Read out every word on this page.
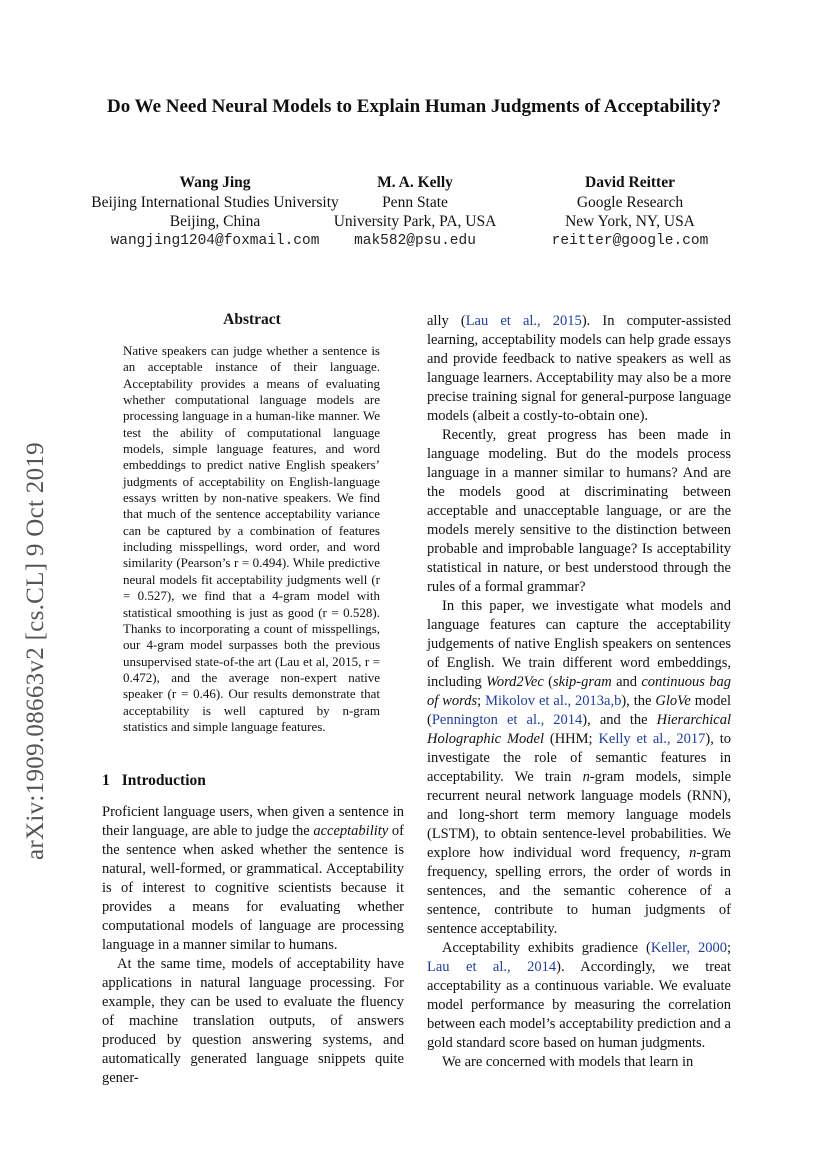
Do We Need Neural Models to Explain Human Judgments of Acceptability?
Wang Jing
Beijing International Studies University
Beijing, China
wangjing1204@foxmail.com
M. A. Kelly
Penn State
University Park, PA, USA
mak582@psu.edu
David Reitter
Google Research
New York, NY, USA
reitter@google.com
arXiv:1909.08663v2 [cs.CL] 9 Oct 2019
Abstract
Native speakers can judge whether a sentence is an acceptable instance of their language. Acceptability provides a means of evaluating whether computational language models are processing language in a human-like manner. We test the ability of computational language models, simple language features, and word embeddings to predict native English speakers’ judgments of acceptability on English-language essays written by non-native speakers. We find that much of the sentence acceptability variance can be captured by a combination of features including misspellings, word order, and word similarity (Pearson’s r = 0.494). While predictive neural models fit acceptability judgments well (r = 0.527), we find that a 4-gram model with statistical smoothing is just as good (r = 0.528). Thanks to incorporating a count of misspellings, our 4-gram model surpasses both the previous unsupervised state-of-the art (Lau et al, 2015, r = 0.472), and the average non-expert native speaker (r = 0.46). Our results demonstrate that acceptability is well captured by n-gram statistics and simple language features.
1 Introduction

Proficient language users, when given a sentence in their language, are able to judge the acceptability of the sentence when asked whether the sentence is natural, well-formed, or grammatical. Acceptability is of interest to cognitive scientists because it provides a means for evaluating whether computational models of language are processing language in a manner similar to humans.

At the same time, models of acceptability have applications in natural language processing. For example, they can be used to evaluate the fluency of machine translation outputs, of answers produced by question answering systems, and automatically generated language snippets quite gener-

ally (Lau et al., 2015). In computer-assisted learning, acceptability models can help grade essays and provide feedback to native speakers as well as language learners. Acceptability may also be a more precise training signal for general-purpose language models (albeit a costly-to-obtain one).

Recently, great progress has been made in language modeling. But do the models process language in a manner similar to humans? And are the models good at discriminating between acceptable and unacceptable language, or are the models merely sensitive to the distinction between probable and improbable language? Is acceptability statistical in nature, or best understood through the rules of a formal grammar?

In this paper, we investigate what models and language features can capture the acceptability judgements of native English speakers on sentences of English. We train different word embeddings, including Word2Vec (skip-gram and continuous bag of words; Mikolov et al., 2013a,b), the GloVe model (Pennington et al., 2014), and the Hierarchical Holographic Model (HHM; Kelly et al., 2017), to investigate the role of semantic features in acceptability. We train n-gram models, simple recurrent neural network language models (RNN), and long-short term memory language models (LSTM), to obtain sentence-level probabilities. We explore how individual word frequency, n-gram frequency, spelling errors, the order of words in sentences, and the semantic coherence of a sentence, contribute to human judgments of sentence acceptability.

Acceptability exhibits gradience (Keller, 2000; Lau et al., 2014). Accordingly, we treat acceptability as a continuous variable. We evaluate model performance by measuring the correlation between each model’s acceptability prediction and a gold standard score based on human judgments.

We are concerned with models that learn in
